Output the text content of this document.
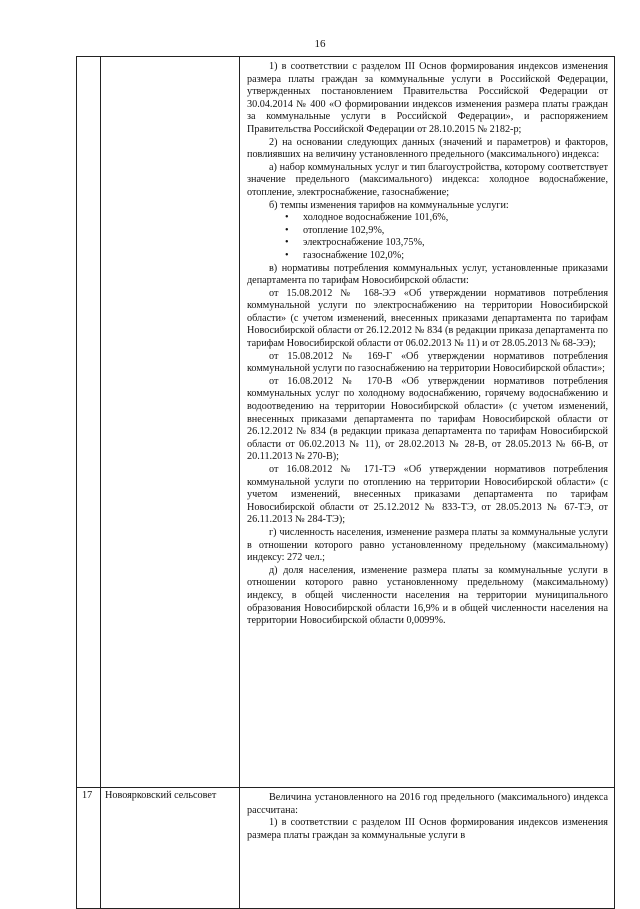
16

1) в соответствии с разделом III Основ формирования индексов изменения размера платы граждан за коммунальные услуги в Российской Федерации, утвержденных постановлением Правительства Российской Федерации от 30.04.2014 № 400 «О формировании индексов изменения размера платы граждан за коммунальные услуги в Российской Федерации», и распоряжением Правительства Российской Федерации от 28.10.2015 № 2182-р;

2) на основании следующих данных (значений и параметров) и факторов, повлиявших на величину установленного предельного (максимального) индекса:

а) набор коммунальных услуг и тип благоустройства, которому соответствует значение предельного (максимального) индекса: холодное водоснабжение, отопление, электроснабжение, газоснабжение;

б) темпы изменения тарифов на коммунальные услуги:

• холодное водоснабжение 101,6%,
• отопление 102,9%,
• электроснабжение 103,75%,
• газоснабжение 102,0%;

в) нормативы потребления коммунальных услуг, установленные приказами департамента по тарифам Новосибирской области:

от 15.08.2012 № 168-ЭЭ «Об утверждении нормативов потребления коммунальной услуги по электроснабжению на территории Новосибирской области» (с учетом изменений, внесенных приказами департамента по тарифам Новосибирской области от 26.12.2012 № 834 (в редакции приказа департамента по тарифам Новосибирской области от 06.02.2013 № 11) и от 28.05.2013 № 68-ЭЭ);

от 15.08.2012 № 169-Г «Об утверждении нормативов потребления коммунальной услуги по газоснабжению на территории Новосибирской области»;

от 16.08.2012 № 170-В «Об утверждении нормативов потребления коммунальных услуг по холодному водоснабжению, горячему водоснабжению и водоотведению на территории Новосибирской области» (с учетом изменений, внесенных приказами департамента по тарифам Новосибирской области от 26.12.2012 № 834 (в редакции приказа департамента по тарифам Новосибирской области от 06.02.2013 № 11), от 28.02.2013 № 28-В, от 28.05.2013 № 66-В, от 20.11.2013 № 270-В);

от 16.08.2012 № 171-ТЭ «Об утверждении нормативов потребления коммунальной услуги по отоплению на территории Новосибирской области» (с учетом изменений, внесенных приказами департамента по тарифам Новосибирской области от 25.12.2012 № 833-ТЭ, от 28.05.2013 № 67-ТЭ, от 26.11.2013 № 284-ТЭ);

г) численность населения, изменение размера платы за коммунальные услуги в отношении которого равно установленному предельному (максимальному) индексу: 272 чел.;

д) доля населения, изменение размера платы за коммунальные услуги в отношении которого равно установленному предельному (максимальному) индексу, в общей численности населения на территории муниципального образования Новосибирской области 16,9% и в общей численности населения на территории Новосибирской области 0,0099%.

17	Новоярковский сельсовет	Величина установленного на 2016 год предельного (максимального) индекса рассчитана:

1) в соответствии с разделом III Основ формирования индексов изменения размера платы граждан за коммунальные услуги в
